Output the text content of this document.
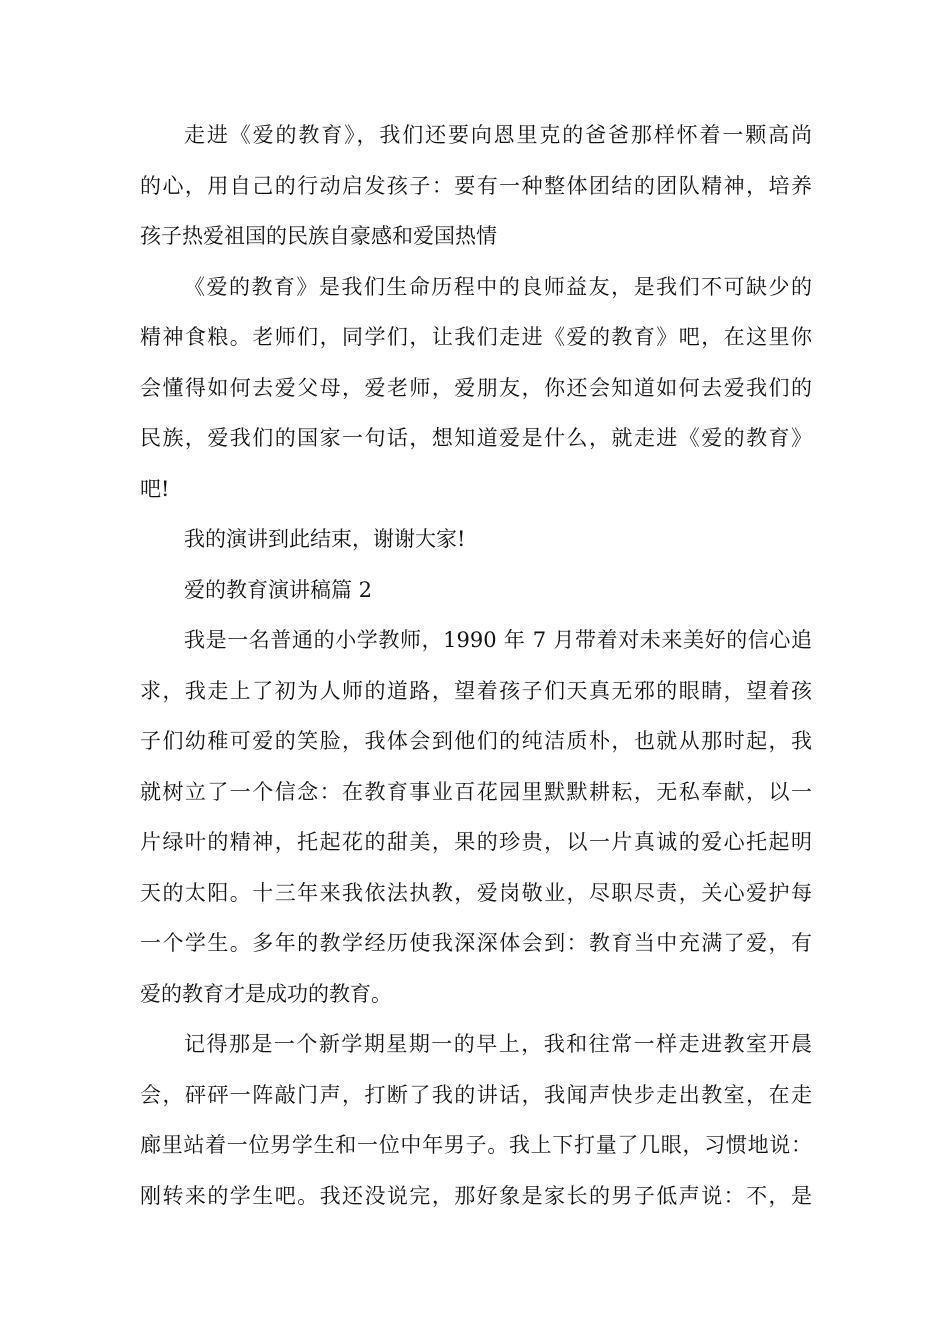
走进《爱的教育》，我们还要向恩里克的爸爸那样怀着一颗高尚
的心，用自己的行动启发孩子：要有一种整体团结的团队精神，培养
孩子热爱祖国的民族自豪感和爱国热情
《爱的教育》是我们生命历程中的良师益友，是我们不可缺少的
精神食粮。老师们，同学们，让我们走进《爱的教育》吧，在这里你
会懂得如何去爱父母，爱老师，爱朋友，你还会知道如何去爱我们的
民族，爱我们的国家一句话，想知道爱是什么，就走进《爱的教育》
吧!
我的演讲到此结束，谢谢大家!
爱的教育演讲稿篇 2
我是一名普通的小学教师，1990 年 7 月带着对未来美好的信心追
求，我走上了初为人师的道路，望着孩子们天真无邪的眼睛，望着孩
子们幼稚可爱的笑脸，我体会到他们的纯洁质朴，也就从那时起，我
就树立了一个信念：在教育事业百花园里默默耕耘，无私奉献，以一
片绿叶的精神，托起花的甜美，果的珍贵，以一片真诚的爱心托起明
天的太阳。十三年来我依法执教，爱岗敬业，尽职尽责，关心爱护每
一个学生。多年的教学经历使我深深体会到：教育当中充满了爱，有
爱的教育才是成功的教育。
记得那是一个新学期星期一的早上，我和往常一样走进教室开晨
会，砰砰一阵敲门声，打断了我的讲话，我闻声快步走出教室，在走
廊里站着一位男学生和一位中年男子。我上下打量了几眼，习惯地说：
刚转来的学生吧。我还没说完，那好象是家长的男子低声说：不，是
